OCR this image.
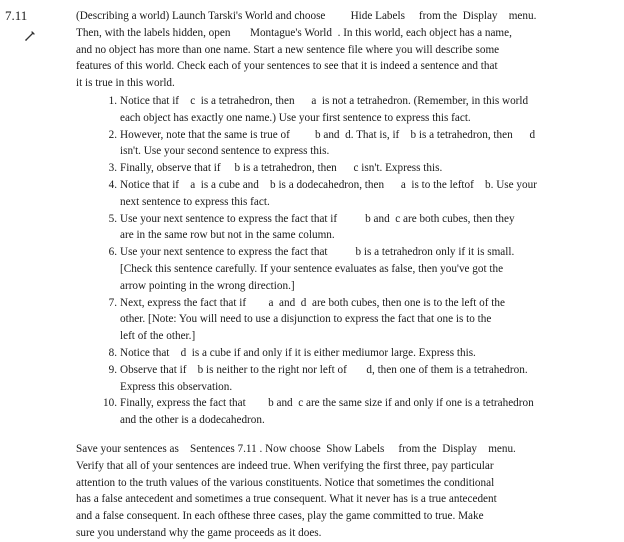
7.11	(Describing a world) Launch Tarski's World and choose         Hide Labels     from the  Display    menu.
Then, with the labels hidden, open       Montague's World  . In this world, each object has a name,
and no object has more than one name. Start a new sentence file where you will describe some
features of this world. Check each of your sentences to see that it is indeed a sentence and that
it is true in this world.
1. Notice that if    c  is a tetrahedron, then      a  is not a tetrahedron. (Remember, in this world
each object has exactly one name.) Use your first sentence to express this fact.
2. However, note that the same is true of         b and  d. That is, if    b is a tetrahedron, then      d
isn't. Use your second sentence to express this.
3. Finally, observe that if     b is a tetrahedron, then      c isn't. Express this.
4. Notice that if    a  is a cube and    b is a dodecahedron, then      a  is to the leftof    b. Use your
next sentence to express this fact.
5. Use your next sentence to express the fact that if          b and  c are both cubes, then they
are in the same row but not in the same column.
6. Use your next sentence to express the fact that          b is a tetrahedron only if it is small.
[Check this sentence carefully. If your sentence evaluates as false, then you've got the
arrow pointing in the wrong direction.]
7. Next, express the fact that if        a  and  d  are both cubes, then one is to the left of the
other. [Note: You will need to use a disjunction to express the fact that one is to the
left of the other.]
8. Notice that    d  is a cube if and only if it is either mediumor large. Express this.
9. Observe that if    b is neither to the right nor left of       d, then one of them is a tetrahedron.
Express this observation.
10. Finally, express the fact that        b and  c are the same size if and only if one is a tetrahedron
and the other is a dodecahedron.
Save your sentences as    Sentences 7.11 . Now choose  Show Labels     from the  Display    menu.
Verify that all of your sentences are indeed true. When verifying the first three, pay particular
attention to the truth values of the various constituents. Notice that sometimes the conditional
has a false antecedent and sometimes a true consequent. What it never has is a true antecedent
and a false consequent. In each ofthese three cases, play the game committed to true. Make
sure you understand why the game proceeds as it does.
